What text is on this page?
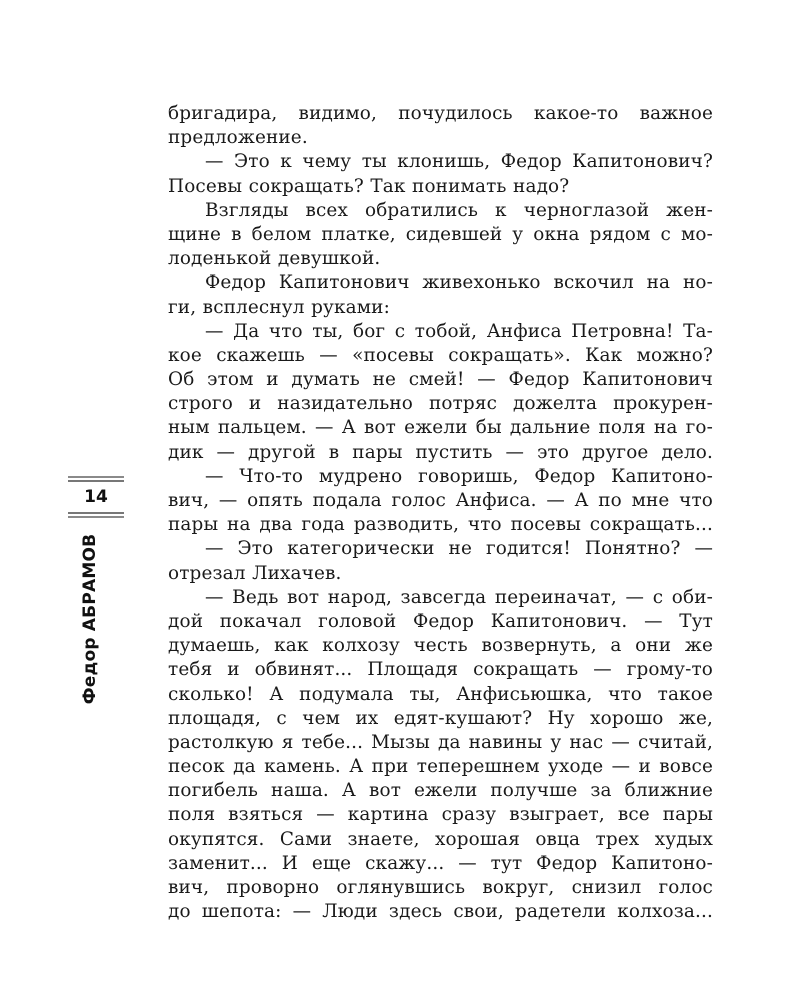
14
Федор АБРАМОВ
бригадира, видимо, почудилось какое-то важное
предложение.
— Это к чему ты клонишь, Федор Капитонович?
Посевы сокращать? Так понимать надо?
Взгляды всех обратились к черноглазой жен-
щине в белом платке, сидевшей у окна рядом с мо-
лоденькой девушкой.
Федор Капитонович живехонько вскочил на но-
ги, всплеснул руками:
— Да что ты, бог с тобой, Анфиса Петровна! Та-
кое скажешь — «посевы сокращать». Как можно?
Об этом и думать не смей! — Федор Капитонович
строго и назидательно потряс дожелта прокурен-
ным пальцем. — А вот ежели бы дальние поля на го-
дик — другой в пары пустить — это другое дело.
— Что-то мудрено говоришь, Федор Капитоно-
вич, — опять подала голос Анфиса. — А по мне что
пары на два года разводить, что посевы сокращать...
— Это категорически не годится! Понятно? —
отрезал Лихачев.
— Ведь вот народ, завсегда переиначат, — с оби-
дой покачал головой Федор Капитонович. — Тут
думаешь, как колхозу честь возвернуть, а они же
тебя и обвинят... Площадя сокращать — грому-то
сколько! А подумала ты, Анфисьюшка, что такое
площадя, с чем их едят-кушают? Ну хорошо же,
растолкую я тебе... Мызы да навины у нас — считай,
песок да камень. А при теперешнем уходе — и вовсе
погибель наша. А вот ежели получше за ближние
поля взяться — картина сразу взыграет, все пары
окупятся. Сами знаете, хорошая овца трех худых
заменит... И еще скажу... — тут Федор Капитоно-
вич, проворно оглянувшись вокруг, снизил голос
до шепота: — Люди здесь свои, радетели колхоза...
